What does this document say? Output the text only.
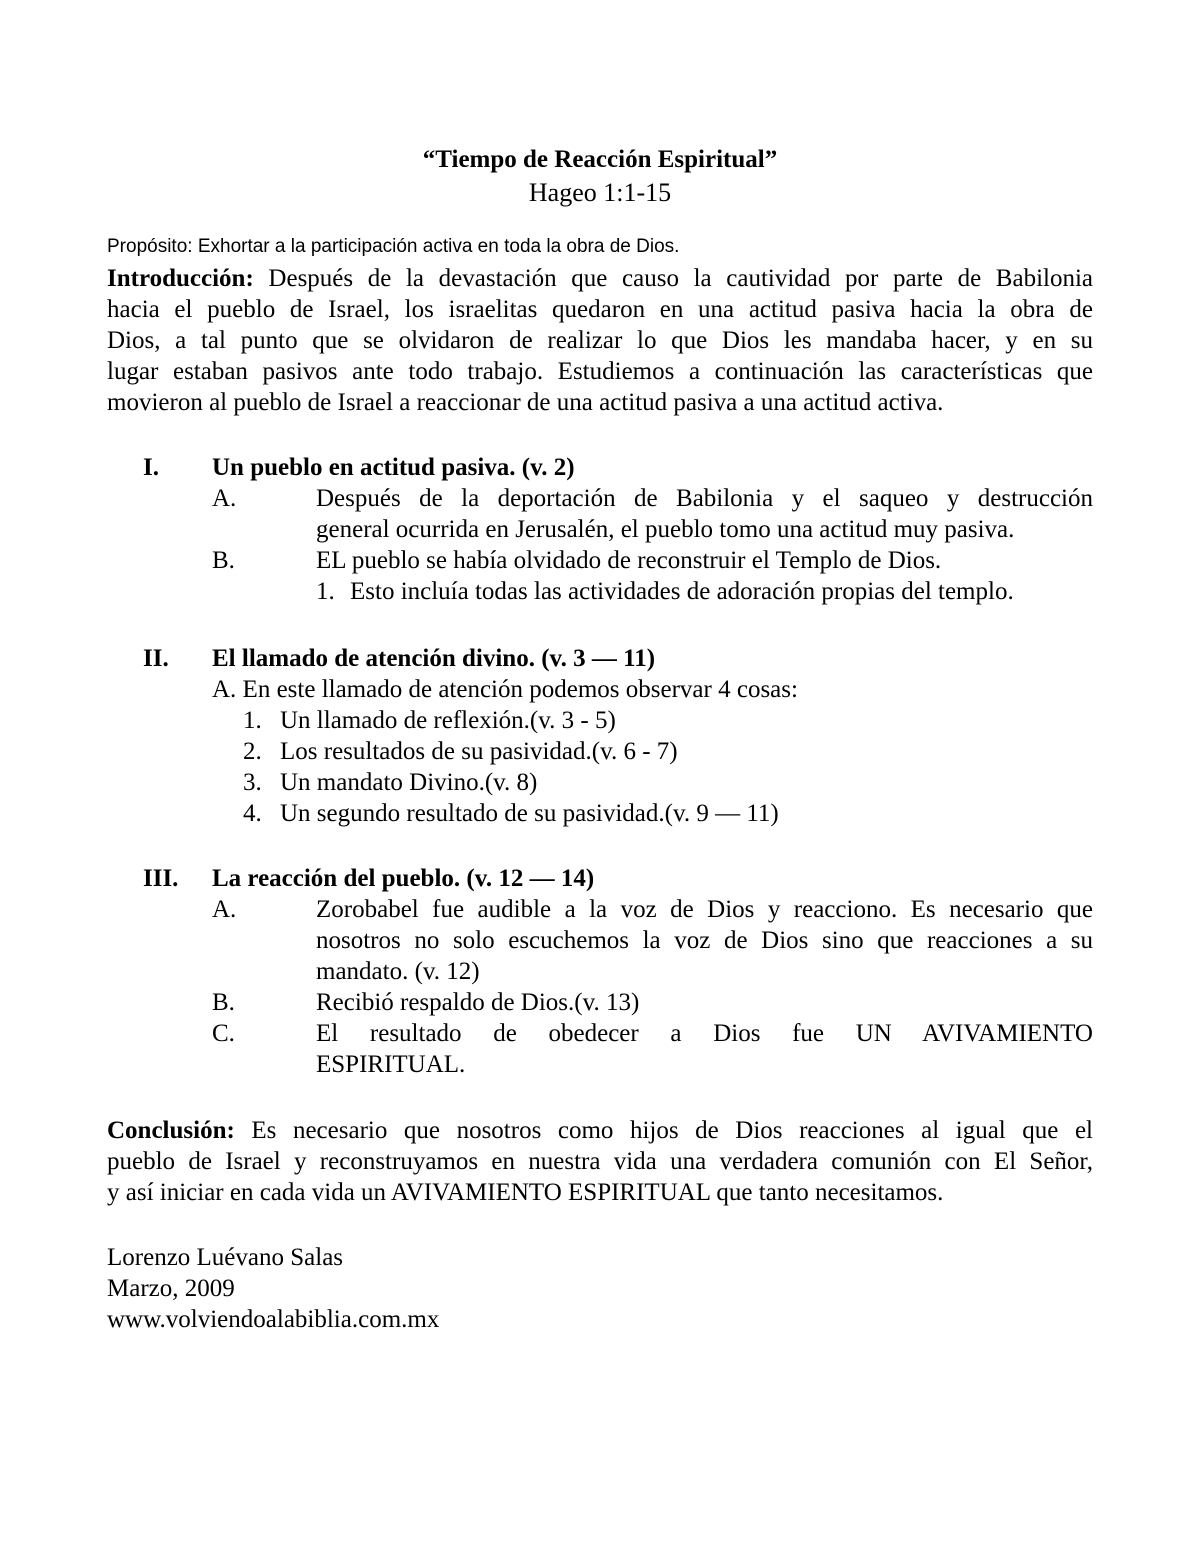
“Tiempo de Reacción Espiritual”
Hageo 1:1-15
Propósito: Exhortar a la participación activa en toda la obra de Dios.
Introducción: Después de la devastación que causo la cautividad por parte de Babilonia
hacia el pueblo de Israel, los israelitas quedaron en una actitud pasiva hacia la obra de
Dios, a tal punto que se olvidaron de realizar lo que Dios les mandaba hacer, y en su
lugar estaban pasivos ante todo trabajo. Estudiemos a continuación las características que
movieron al pueblo de Israel a reaccionar de una actitud pasiva a una actitud activa.
I. Un pueblo en actitud pasiva. (v. 2)
A.	Después de la deportación de Babilonia y el saqueo y destrucción
general ocurrida en Jerusalén, el pueblo tomo una actitud muy pasiva.
B.	EL pueblo se había olvidado de reconstruir el Templo de Dios.
1. Esto incluía todas las actividades de adoración propias del templo.
II. El llamado de atención divino. (v. 3 — 11)
A. En este llamado de atención podemos observar 4 cosas:
1. Un llamado de reflexión.(v. 3 - 5)
2. Los resultados de su pasividad.(v. 6 - 7)
3. Un mandato Divino.(v. 8)
4. Un segundo resultado de su pasividad.(v. 9 — 11)
III. La reacción del pueblo. (v. 12 — 14)
A.	Zorobabel fue audible a la voz de Dios y reacciono. Es necesario que
nosotros no solo escuchemos la voz de Dios sino que reacciones a su
mandato. (v. 12)
B.	Recibió respaldo de Dios.(v. 13)
C.	El resultado de obedecer a Dios fue UN AVIVAMIENTO
ESPIRITUAL.
Conclusión: Es necesario que nosotros como hijos de Dios reacciones al igual que el
pueblo de Israel y reconstruyamos en nuestra vida una verdadera comunión con El Señor,
y así iniciar en cada vida un AVIVAMIENTO ESPIRITUAL que tanto necesitamos.
Lorenzo Luévano Salas
Marzo, 2009
www.volviendoalabiblia.com.mx
